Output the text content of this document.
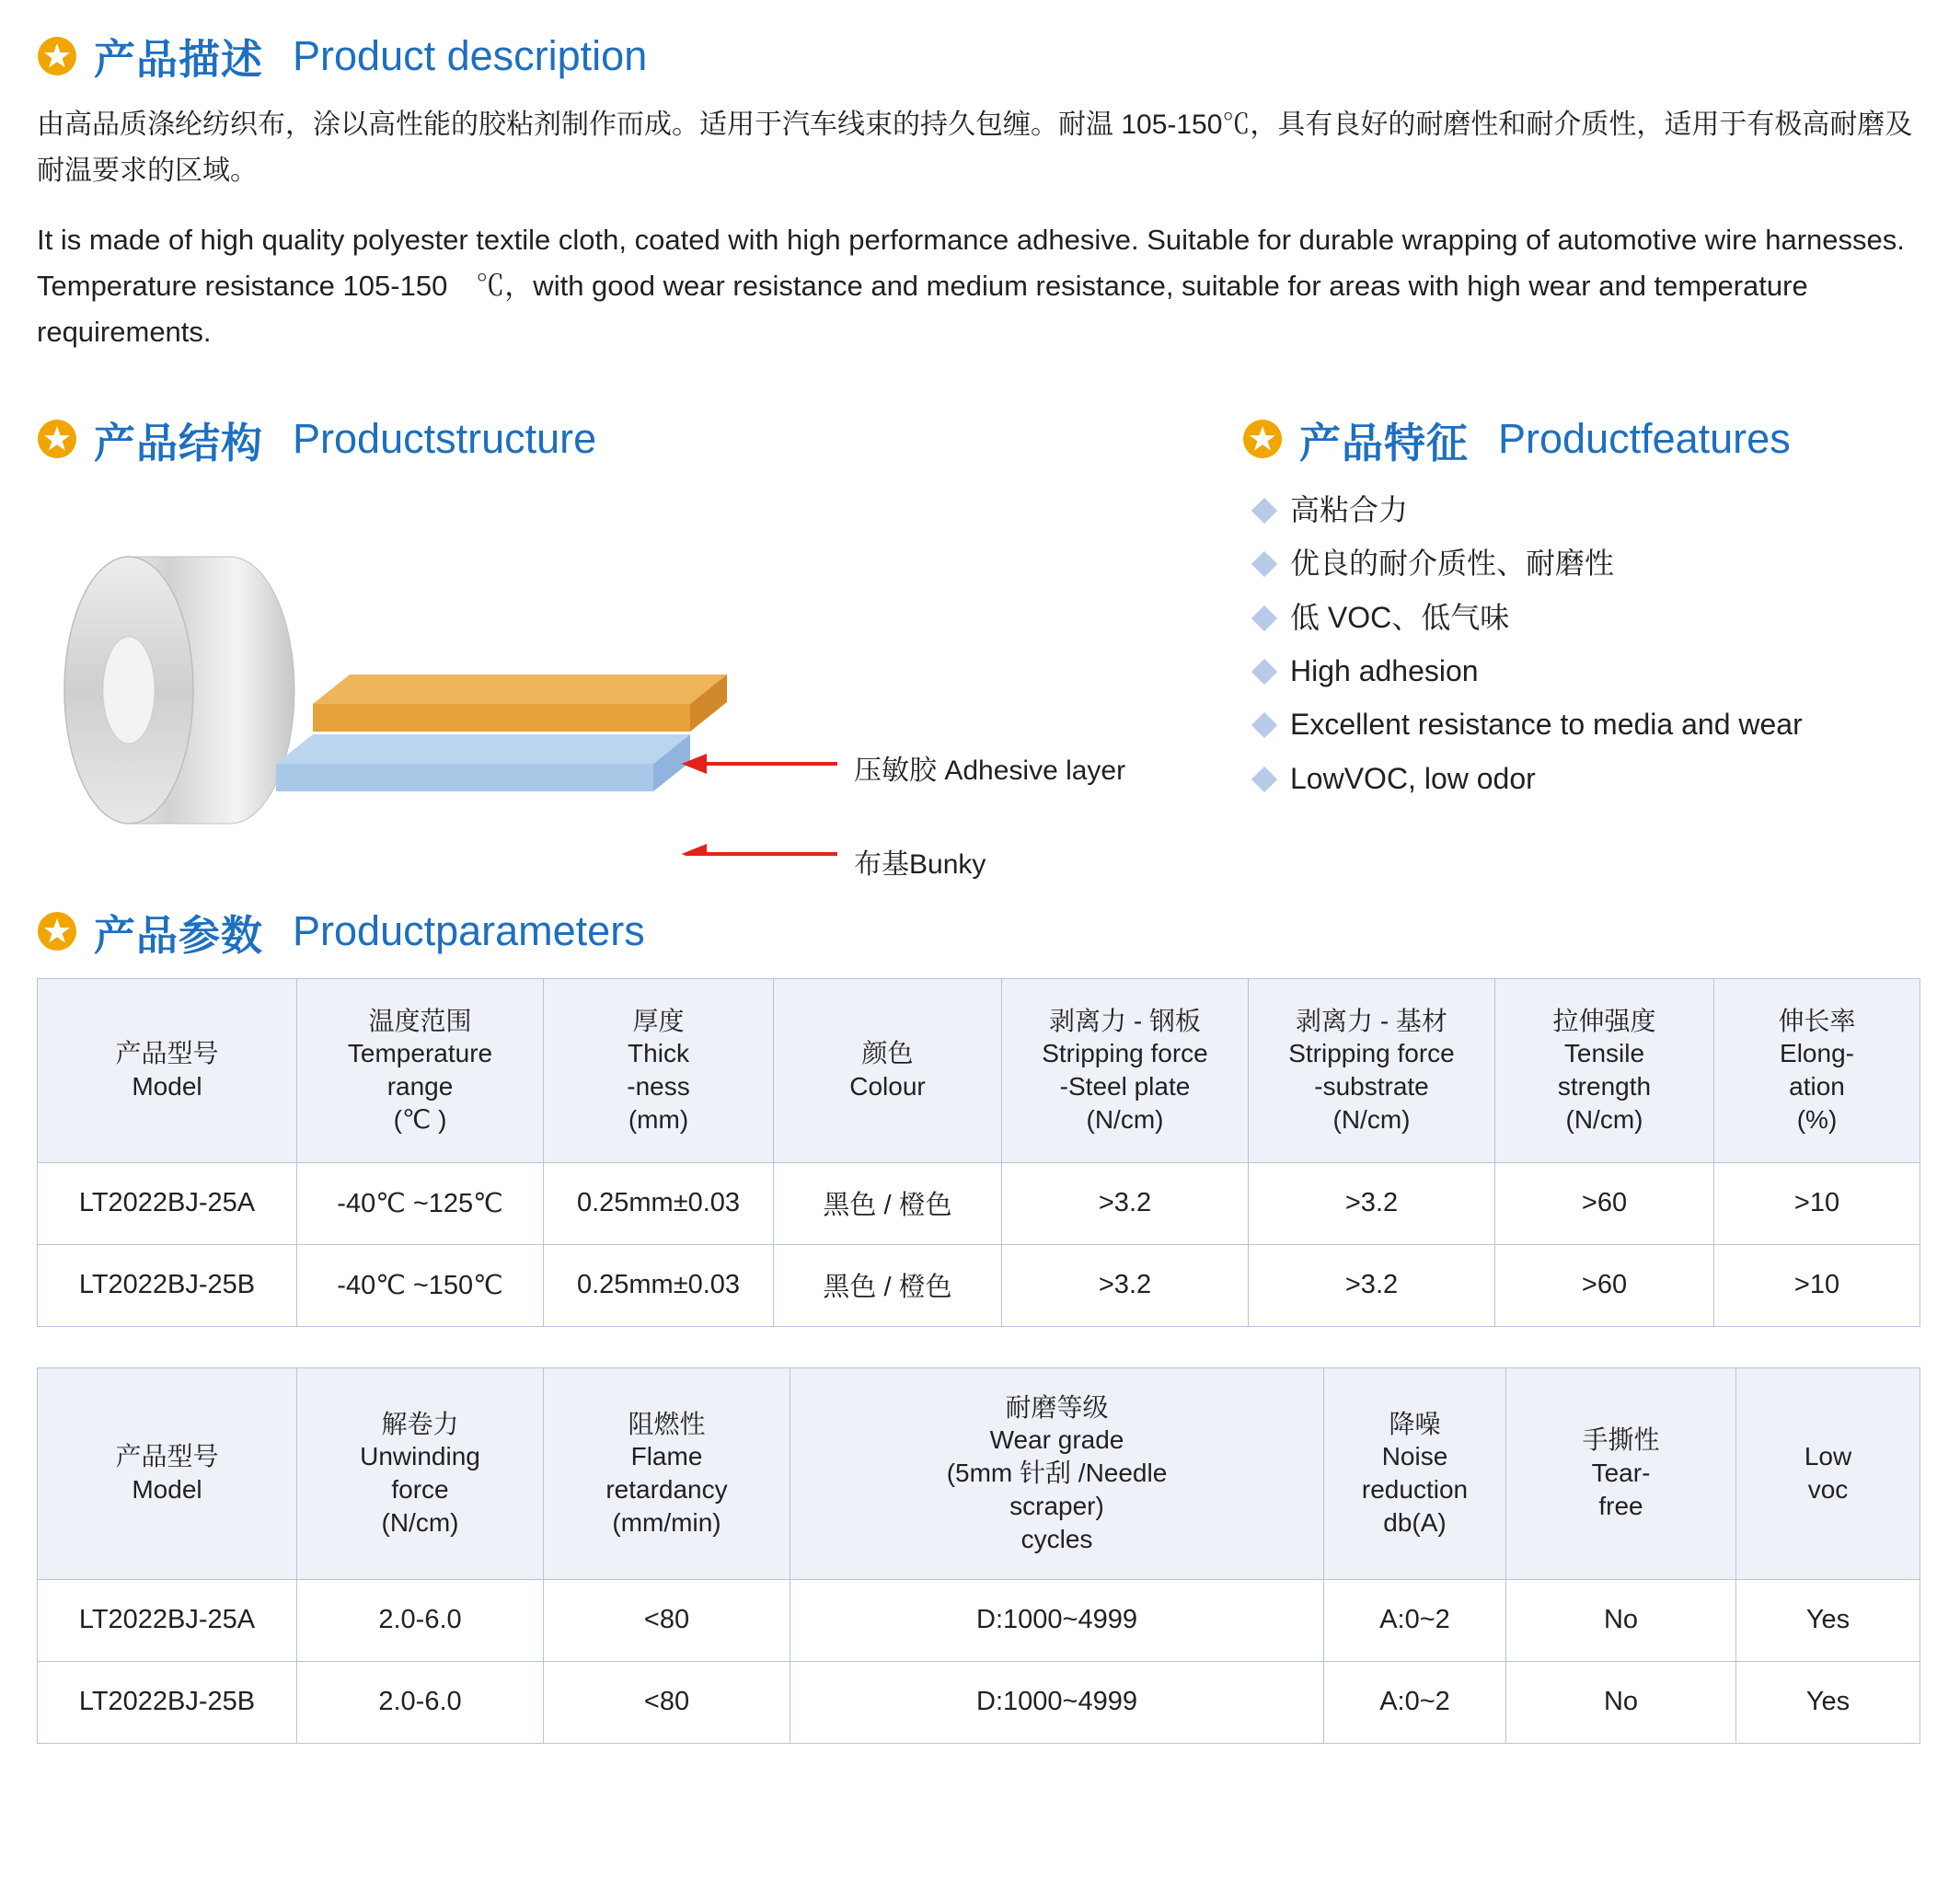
产品描述 Product description

由高品质涤纶纺织布，涂以高性能的胶粘剂制作而成。适用于汽车线束的持久包缠。耐温 105-150℃，具有良好的耐磨性和耐介质性，适用于有极高耐磨及耐温要求的区域。

It is made of high quality polyester textile cloth, coated with high performance adhesive. Suitable for durable wrapping of automotive wire harnesses. Temperature resistance 105-150　℃，with good wear resistance and medium resistance, suitable for areas with high wear and temperature requirements.

产品结构 Productstructure
压敏胶 Adhesive layer
布基Bunky
产品特征 Productfeatures
高粘合力
优良的耐介质性、耐磨性
低 VOC、低气味
High adhesion
Excellent resistance to media and wear
LowVOC, low odor
产品参数 Productparameters
产品型号
Model	温度范围
Temperature
range
(℃ )	厚度
Thick
-ness
(mm)	颜色
Colour	剥离力 - 钢板
Stripping force
-Steel plate
(N/cm)	剥离力 - 基材
Stripping force
-substrate
(N/cm)	拉伸强度
Tensile
strength
(N/cm)	伸长率
Elong-
ation
(%)
LT2022BJ-25A	-40℃ ~125℃	0.25mm±0.03	黑色 / 橙色	>3.2	>3.2	>60	>10
LT2022BJ-25B	-40℃ ~150℃	0.25mm±0.03	黑色 / 橙色	>3.2	>3.2	>60	>10
产品型号
Model	解卷力
Unwinding
force
(N/cm)	阻燃性
Flame
retardancy
(mm/min)	耐磨等级
Wear grade
(5mm 针刮 /Needle
scraper)
cycles	降噪
Noise
reduction
db(A)	手撕性
Tear-
free	Low
voc
LT2022BJ-25A	2.0-6.0	<80	D:1000~4999	A:0~2	No	Yes
LT2022BJ-25B	2.0-6.0	<80	D:1000~4999	A:0~2	No	Yes
